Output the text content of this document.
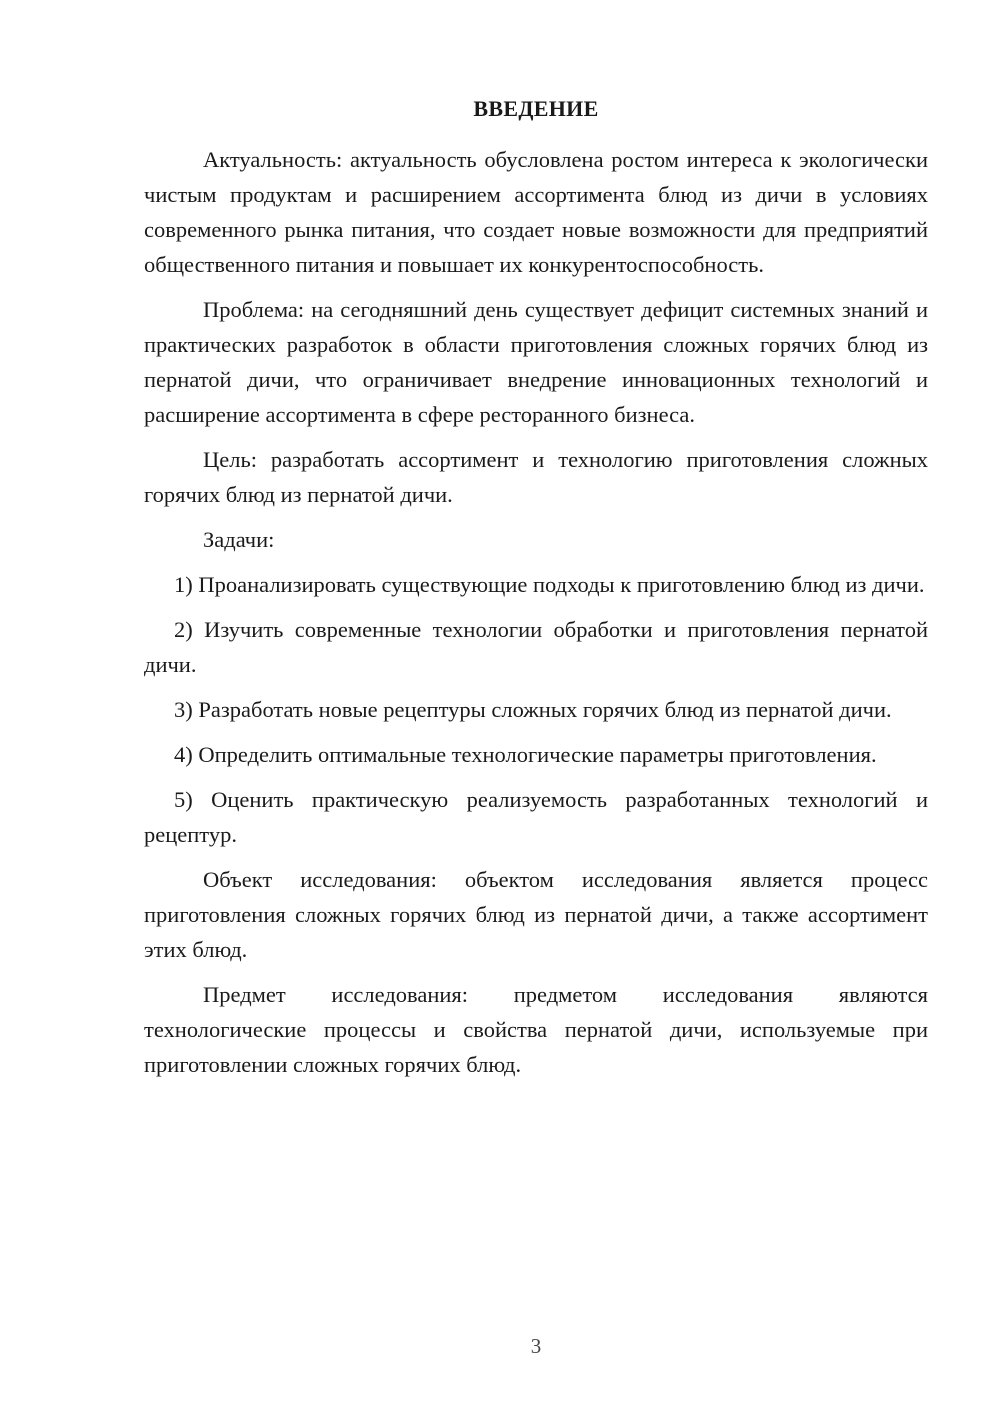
ВВЕДЕНИЕ

Актуальность: актуальность обусловлена ростом интереса к экологически чистым продуктам и расширением ассортимента блюд из дичи в условиях современного рынка питания, что создает новые возможности для предприятий общественного питания и повышает их конкурентоспособность.

Проблема: на сегодняшний день существует дефицит системных знаний и практических разработок в области приготовления сложных горячих блюд из пернатой дичи, что ограничивает внедрение инновационных технологий и расширение ассортимента в сфере ресторанного бизнеса.

Цель: разработать ассортимент и технологию приготовления сложных горячих блюд из пернатой дичи.

Задачи:

1) Проанализировать существующие подходы к приготовлению блюд из дичи.

2) Изучить современные технологии обработки и приготовления пернатой дичи.

3) Разработать новые рецептуры сложных горячих блюд из пернатой дичи.

4) Определить оптимальные технологические параметры приготовления.

5) Оценить практическую реализуемость разработанных технологий и рецептур.

Объект исследования: объектом исследования является процесс приготовления сложных горячих блюд из пернатой дичи, а также ассортимент этих блюд.

Предмет исследования: предметом исследования являются технологические процессы и свойства пернатой дичи, используемые при приготовлении сложных горячих блюд.

3
